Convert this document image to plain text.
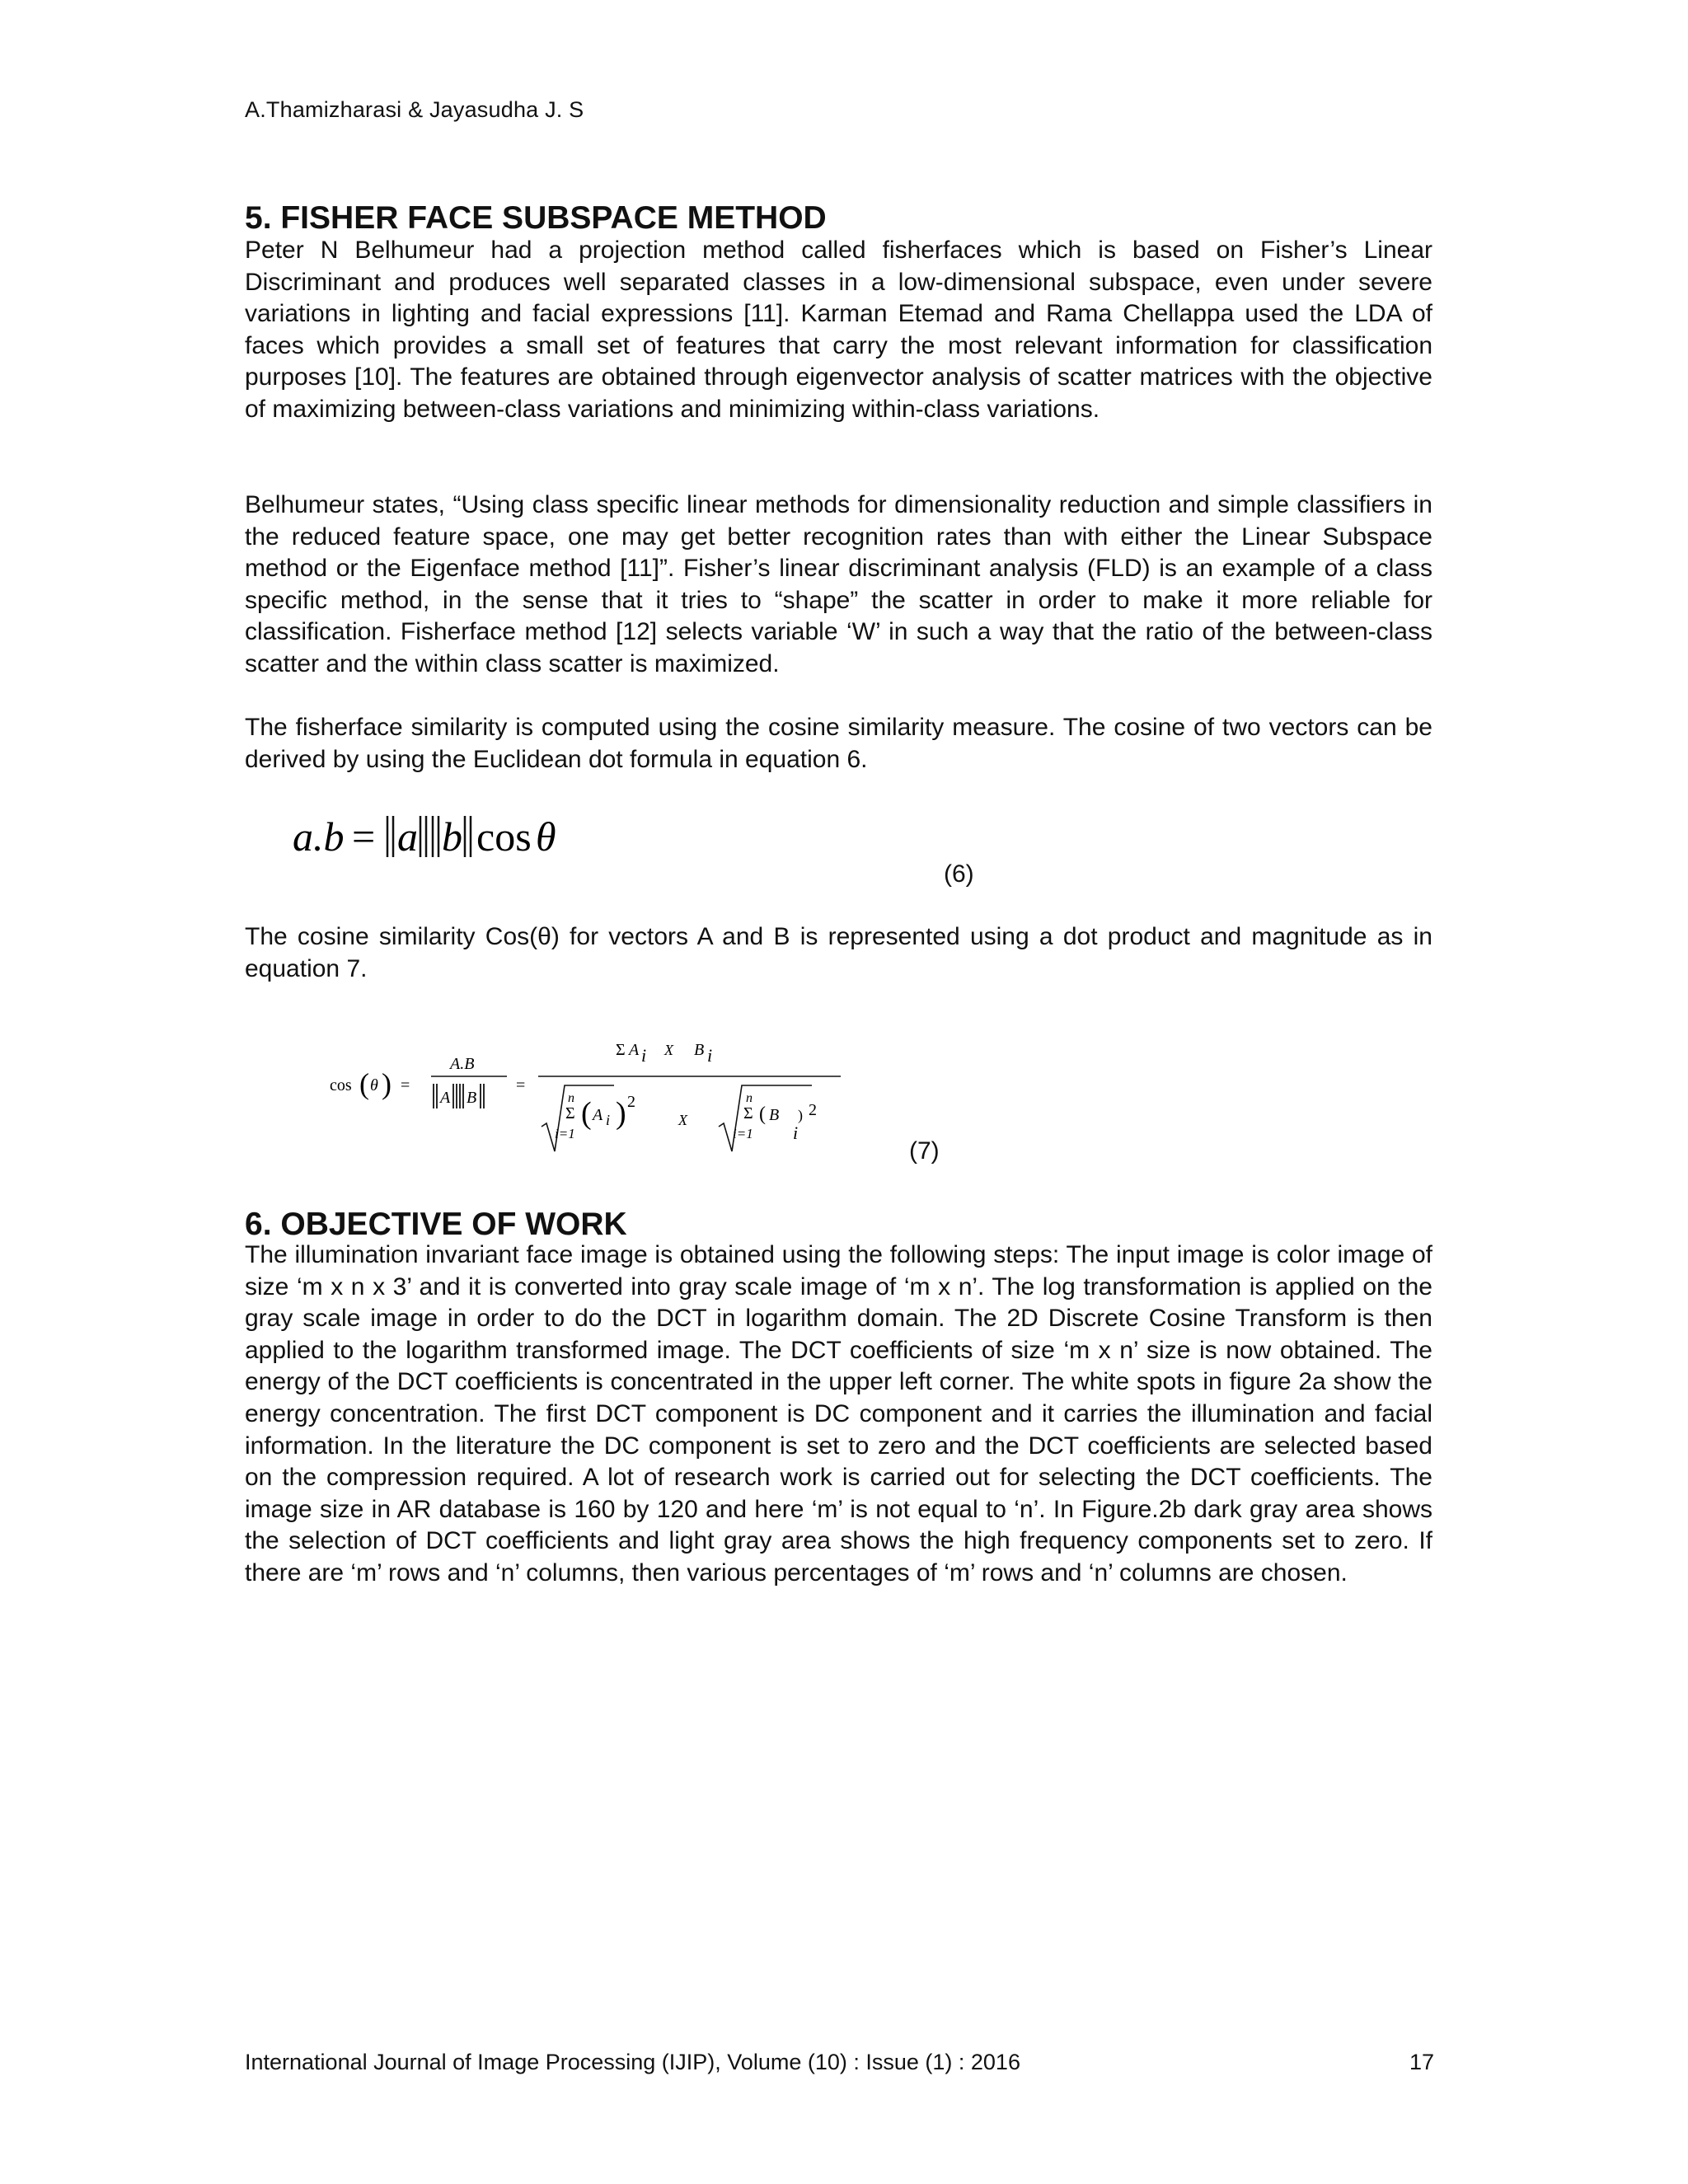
A.Thamizharasi & Jayasudha J. S
5. FISHER FACE SUBSPACE METHOD

Peter N Belhumeur had a projection method called fisherfaces which is based on Fisher’s Linear Discriminant and produces well separated classes in a low-dimensional subspace, even under severe variations in lighting and facial expressions [11]. Karman Etemad and Rama Chellappa used the LDA of faces which provides a small set of features that carry the most relevant information for classification purposes [10]. The features are obtained through eigenvector analysis of scatter matrices with the objective of maximizing between-class variations and minimizing within-class variations.

Belhumeur states, “Using class specific linear methods for dimensionality reduction and simple classifiers in the reduced feature space, one may get better recognition rates than with either the Linear Subspace method or the Eigenface method [11]”. Fisher’s linear discriminant analysis (FLD) is an example of a class specific method, in the sense that it tries to “shape” the scatter in order to make it more reliable for classification. Fisherface method [12] selects variable ‘W’ in such a way that the ratio of the between-class scatter and the within class scatter is maximized.

The fisherface similarity is computed using the cosine similarity measure. The cosine of two vectors can be derived by using the Euclidean dot formula in equation 6.

a.b = a b cos θ
(6)

The cosine similarity Cos(θ) for vectors A and B is represented using a dot product and magnitude as in equation 7.

cos ( θ ) =
A.B
A B
=
Σ A i X B i
n
Σ
i=1
( A i ) 2
X
n
Σ
i=1
( B
i
) 2
(7)
6. OBJECTIVE OF WORK

The illumination invariant face image is obtained using the following steps: The input image is color image of size ‘m x n x 3’ and it is converted into gray scale image of ‘m x n’. The log transformation is applied on the gray scale image in order to do the DCT in logarithm domain. The 2D Discrete Cosine Transform is then applied to the logarithm transformed image. The DCT coefficients of size ‘m x n’ size is now obtained. The energy of the DCT coefficients is concentrated in the upper left corner. The white spots in figure 2a show the energy concentration. The first DCT component is DC component and it carries the illumination and facial information. In the literature the DC component is set to zero and the DCT coefficients are selected based on the compression required. A lot of research work is carried out for selecting the DCT coefficients. The image size in AR database is 160 by 120 and here ‘m’ is not equal to ‘n’. In Figure.2b dark gray area shows the selection of DCT coefficients and light gray area shows the high frequency components set to zero. If there are ‘m’ rows and ‘n’ columns, then various percentages of ‘m’ rows and ‘n’ columns are chosen.

International Journal of Image Processing (IJIP), Volume (10) : Issue (1) : 2016	17
